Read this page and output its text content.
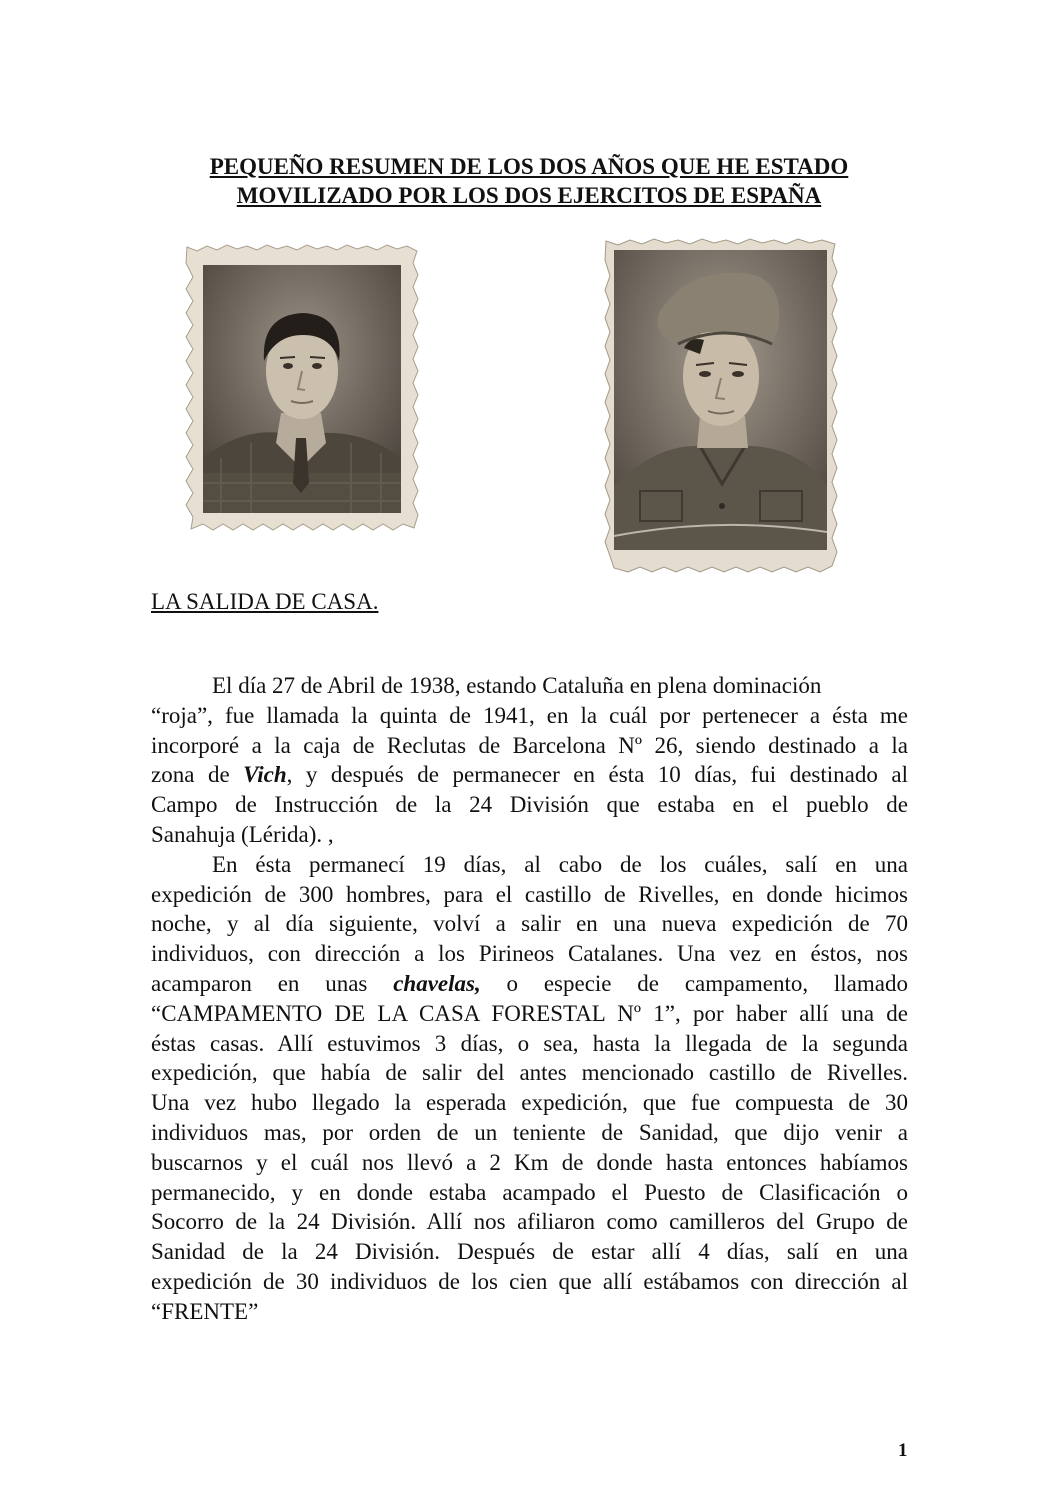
PEQUEÑO RESUMEN DE LOS DOS AÑOS QUE HE ESTADO
MOVILIZADO POR LOS DOS EJERCITOS DE ESPAÑA
LA SALIDA DE CASA.
El día 27 de Abril de 1938, estando Cataluña en plena dominación
“roja”, fue llamada la quinta de 1941, en la cuál por pertenecer a ésta me
incorporé a la caja de Reclutas de Barcelona Nº 26, siendo destinado a la
zona de Vich, y después de permanecer en ésta 10 días, fui destinado al
Campo de Instrucción de la 24 División que estaba en el pueblo de
Sanahuja (Lérida). ,
En ésta permanecí 19 días, al cabo de los cuáles, salí en una
expedición de 300 hombres, para el castillo de Rivelles, en donde hicimos
noche, y al día siguiente, volví a salir en una nueva expedición de 70
individuos, con dirección a los Pirineos Catalanes. Una vez en éstos, nos
acamparon en unas chavelas, o especie de campamento, llamado
“CAMPAMENTO DE LA CASA FORESTAL Nº 1”, por haber allí una de
éstas casas. Allí estuvimos 3 días, o sea, hasta la llegada de la segunda
expedición, que había de salir del antes mencionado castillo de Rivelles.
Una vez hubo llegado la esperada expedición, que fue compuesta de 30
individuos mas, por orden de un teniente de Sanidad, que dijo venir a
buscarnos y el cuál nos llevó a 2 Km de donde hasta entonces habíamos
permanecido, y en donde estaba acampado el Puesto de Clasificación o
Socorro de la 24 División. Allí nos afiliaron como camilleros del Grupo de
Sanidad de la 24 División. Después de estar allí 4 días, salí en una
expedición de 30 individuos de los cien que allí estábamos con dirección al
“FRENTE”
1
